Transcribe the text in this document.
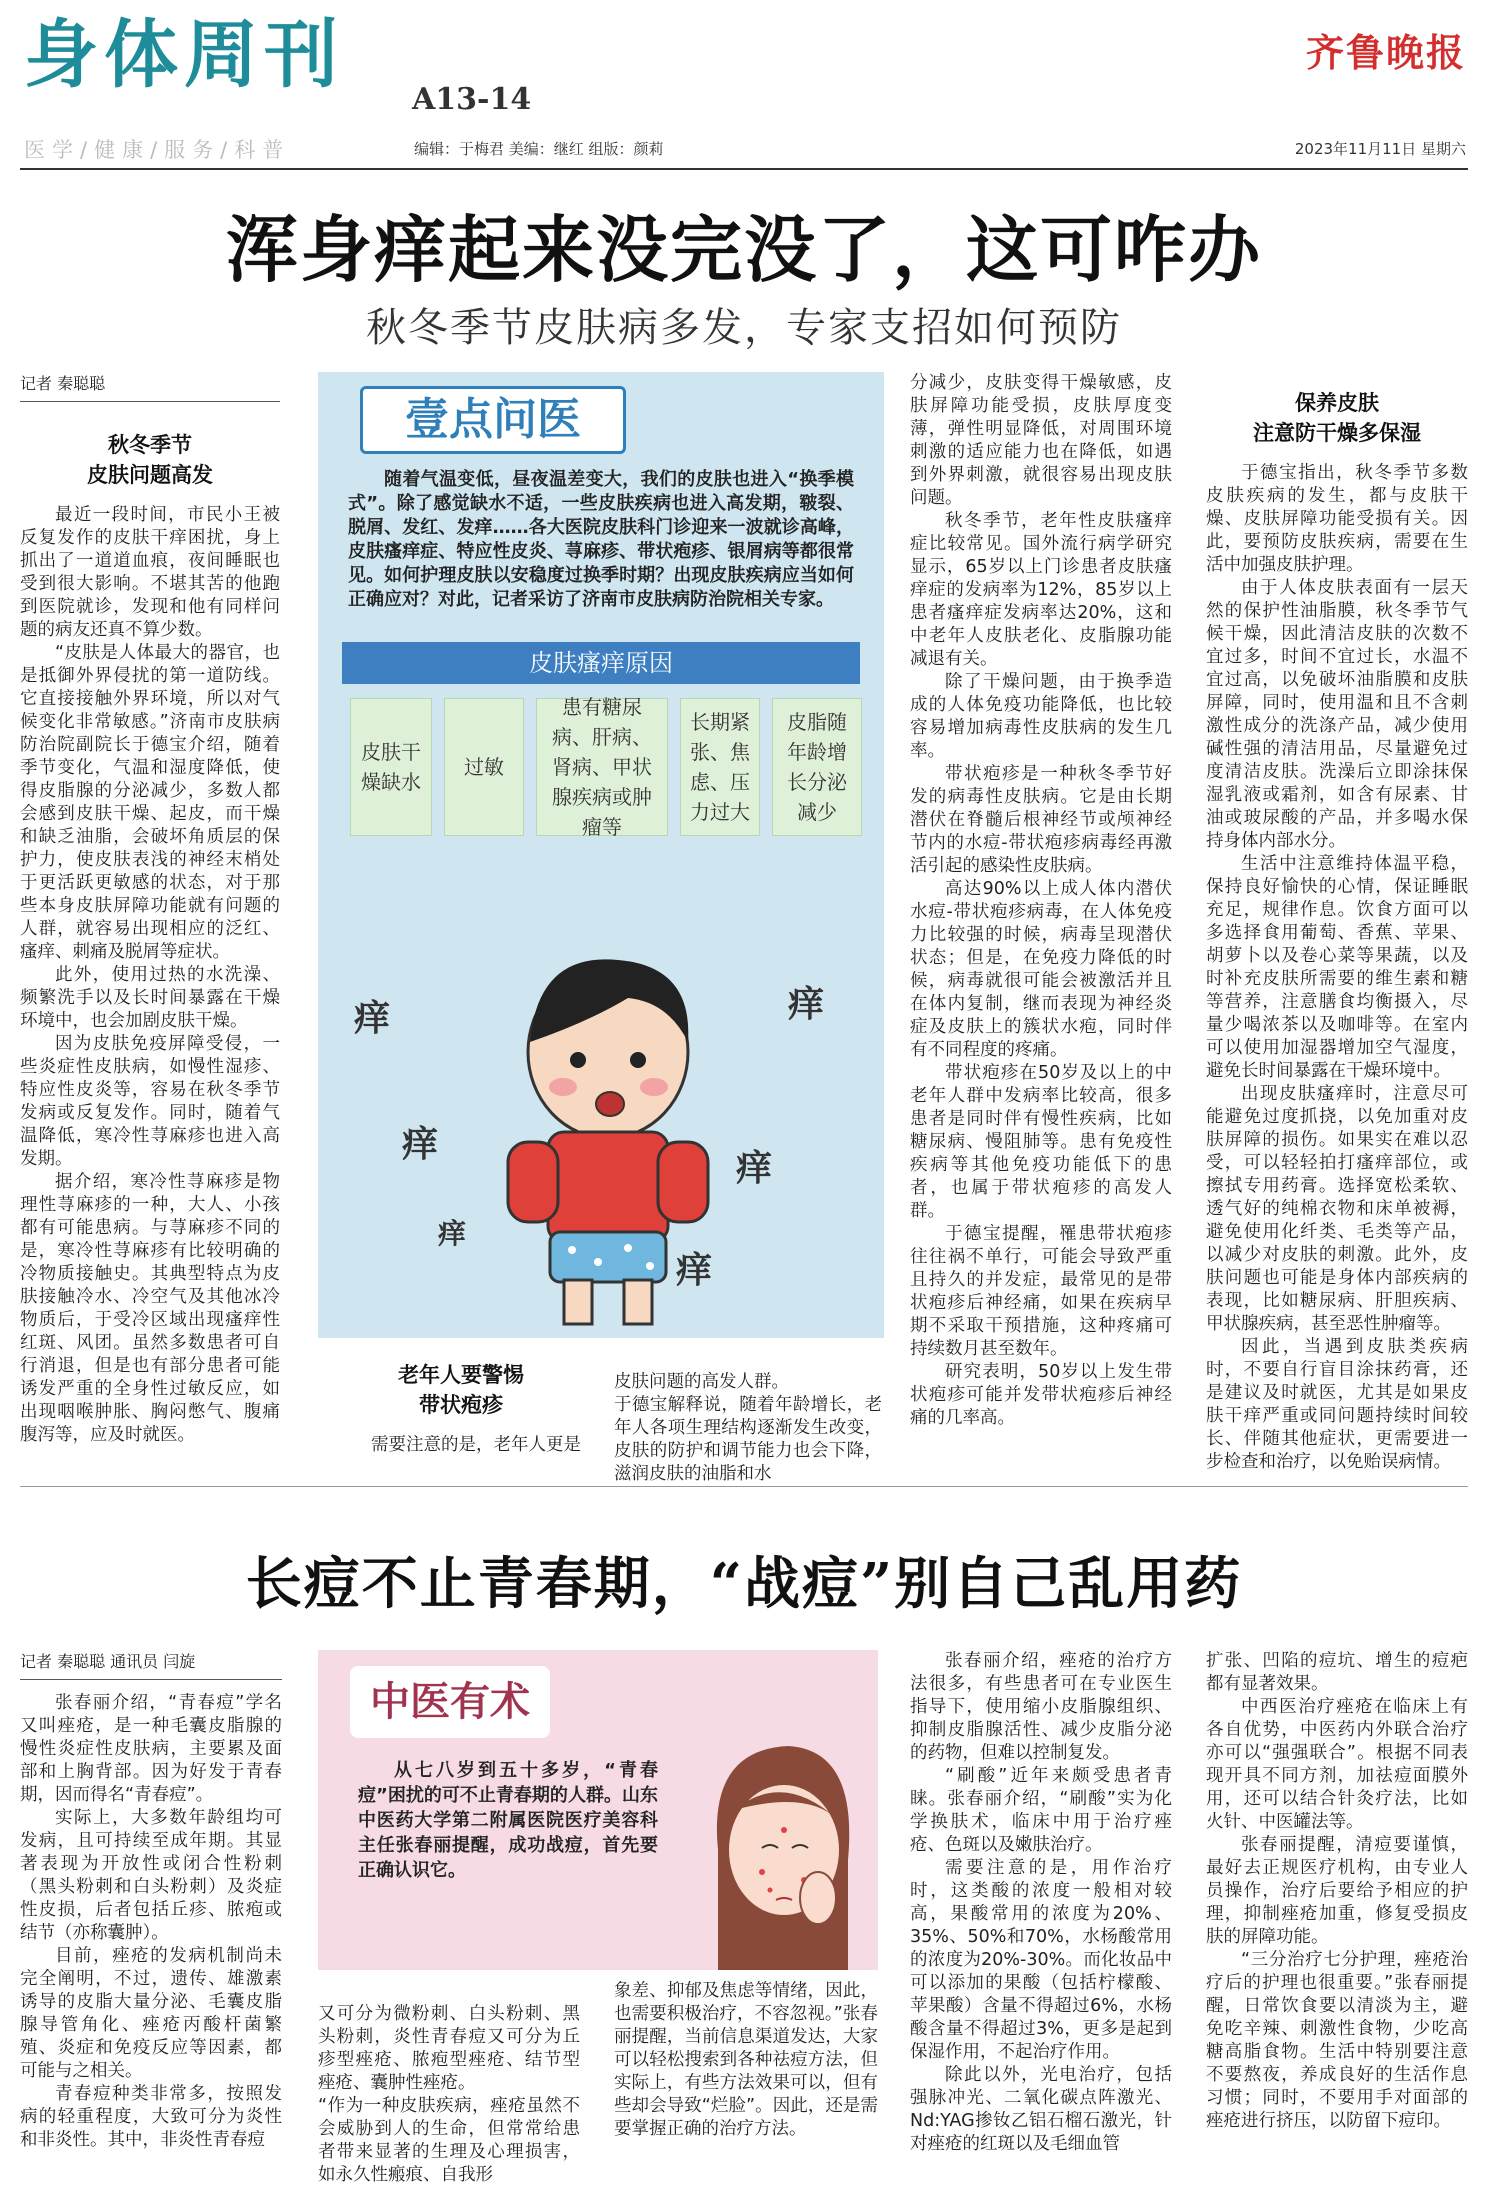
身体周刊
A13-14
医学/健康/服务/科普	编辑：于梅君 美编：继红 组版：颜莉
齐鲁晚报
2023年11月11日 星期六
浑身痒起来没完没了，这可咋办
秋冬季节皮肤病多发，专家支招如何预防
记者 秦聪聪
秋冬季节
皮肤问题高发

最近一段时间，市民小王被反复发作的皮肤干痒困扰，身上抓出了一道道血痕，夜间睡眠也受到很大影响。不堪其苦的他跑到医院就诊，发现和他有同样问题的病友还真不算少数。

“皮肤是人体最大的器官，也是抵御外界侵扰的第一道防线。它直接接触外界环境，所以对气候变化非常敏感。”济南市皮肤病防治院副院长于德宝介绍，随着季节变化，气温和湿度降低，使得皮脂腺的分泌减少，多数人都会感到皮肤干燥、起皮，而干燥和缺乏油脂，会破坏角质层的保护力，使皮肤表浅的神经末梢处于更活跃更敏感的状态，对于那些本身皮肤屏障功能就有问题的人群，就容易出现相应的泛红、瘙痒、刺痛及脱屑等症状。

此外，使用过热的水洗澡、频繁洗手以及长时间暴露在干燥环境中，也会加剧皮肤干燥。

因为皮肤免疫屏障受侵，一些炎症性皮肤病，如慢性湿疹、特应性皮炎等，容易在秋冬季节发病或反复发作。同时，随着气温降低，寒冷性荨麻疹也进入高发期。

据介绍，寒冷性荨麻疹是物理性荨麻疹的一种，大人、小孩都有可能患病。与荨麻疹不同的是，寒冷性荨麻疹有比较明确的冷物质接触史。其典型特点为皮肤接触冷水、冷空气及其他冰冷物质后，于受冷区域出现瘙痒性红斑、风团。虽然多数患者可自行消退，但是也有部分患者可能诱发严重的全身性过敏反应，如出现咽喉肿胀、胸闷憋气、腹痛腹泻等，应及时就医。

壹点问医
随着气温变低，昼夜温差变大，我们的皮肤也进入“换季模式”。除了感觉缺水不适，一些皮肤疾病也进入高发期，皲裂、脱屑、发红、发痒……各大医院皮肤科门诊迎来一波就诊高峰，皮肤瘙痒症、特应性皮炎、荨麻疹、带状疱疹、银屑病等都很常见。如何护理皮肤以安稳度过换季时期？出现皮肤疾病应当如何正确应对？对此，记者采访了济南市皮肤病防治院相关专家。
皮肤瘙痒原因
皮肤干燥缺水
过敏
患有糖尿病、肝病、肾病、甲状腺疾病或肿瘤等
长期紧张、焦虑、压力过大
皮脂随年龄增长分泌减少
痒	痒
痒
痒
痒
痒
老年人要警惕
带状疱疹

需要注意的是，老年人更是

皮肤问题的高发人群。
于德宝解释说，随着年龄增长，老年人各项生理结构逐渐发生改变，皮肤的防护和调节能力也会下降，滋润皮肤的油脂和水

分减少，皮肤变得干燥敏感，皮肤屏障功能受损，皮肤厚度变薄，弹性明显降低，对周围环境刺激的适应能力也在降低，如遇到外界刺激，就很容易出现皮肤问题。

秋冬季节，老年性皮肤瘙痒症比较常见。国外流行病学研究显示，65岁以上门诊患者皮肤瘙痒症的发病率为12%，85岁以上患者瘙痒症发病率达20%，这和中老年人皮肤老化、皮脂腺功能减退有关。

除了干燥问题，由于换季造成的人体免疫功能降低，也比较容易增加病毒性皮肤病的发生几率。

带状疱疹是一种秋冬季节好发的病毒性皮肤病。它是由长期潜伏在脊髓后根神经节或颅神经节内的水痘-带状疱疹病毒经再激活引起的感染性皮肤病。

高达90%以上成人体内潜伏水痘-带状疱疹病毒，在人体免疫力比较强的时候，病毒呈现潜伏状态；但是，在免疫力降低的时候，病毒就很可能会被激活并且在体内复制，继而表现为神经炎症及皮肤上的簇状水疱，同时伴有不同程度的疼痛。

带状疱疹在50岁及以上的中老年人群中发病率比较高，很多患者是同时伴有慢性疾病，比如糖尿病、慢阻肺等。患有免疫性疾病等其他免疫功能低下的患者，也属于带状疱疹的高发人群。

于德宝提醒，罹患带状疱疹往往祸不单行，可能会导致严重且持久的并发症，最常见的是带状疱疹后神经痛，如果在疾病早期不采取干预措施，这种疼痛可持续数月甚至数年。

研究表明，50岁以上发生带状疱疹可能并发带状疱疹后神经痛的几率高。

保养皮肤
注意防干燥多保湿

于德宝指出，秋冬季节多数皮肤疾病的发生，都与皮肤干燥、皮肤屏障功能受损有关。因此，要预防皮肤疾病，需要在生活中加强皮肤护理。

由于人体皮肤表面有一层天然的保护性油脂膜，秋冬季节气候干燥，因此清洁皮肤的次数不宜过多，时间不宜过长，水温不宜过高，以免破坏油脂膜和皮肤屏障，同时，使用温和且不含刺激性成分的洗涤产品，减少使用碱性强的清洁用品，尽量避免过度清洁皮肤。洗澡后立即涂抹保湿乳液或霜剂，如含有尿素、甘油或玻尿酸的产品，并多喝水保持身体内部水分。

生活中注意维持体温平稳，保持良好愉快的心情，保证睡眠充足，规律作息。饮食方面可以多选择食用葡萄、香蕉、苹果、胡萝卜以及卷心菜等果蔬，以及时补充皮肤所需要的维生素和糖等营养，注意膳食均衡摄入，尽量少喝浓茶以及咖啡等。在室内可以使用加湿器增加空气湿度，避免长时间暴露在干燥环境中。

出现皮肤瘙痒时，注意尽可能避免过度抓挠，以免加重对皮肤屏障的损伤。如果实在难以忍受，可以轻轻拍打瘙痒部位，或擦拭专用药膏。选择宽松柔软、透气好的纯棉衣物和床单被褥，避免使用化纤类、毛类等产品，以减少对皮肤的刺激。此外，皮肤问题也可能是身体内部疾病的表现，比如糖尿病、肝胆疾病、甲状腺疾病，甚至恶性肿瘤等。

因此，当遇到皮肤类疾病时，不要自行盲目涂抹药膏，还是建议及时就医，尤其是如果皮肤干痒严重或同问题持续时间较长、伴随其他症状，更需要进一步检查和治疗，以免贻误病情。

长痘不止青春期，“战痘”别自己乱用药
记者 秦聪聪 通讯员 闫旋

张春丽介绍，“青春痘”学名又叫痤疮，是一种毛囊皮脂腺的慢性炎症性皮肤病，主要累及面部和上胸背部。因为好发于青春期，因而得名“青春痘”。

实际上，大多数年龄组均可发病，且可持续至成年期。其显著表现为开放性或闭合性粉刺（黑头粉刺和白头粉刺）及炎症性皮损，后者包括丘疹、脓疱或结节（亦称囊肿）。

目前，痤疮的发病机制尚未完全阐明，不过，遗传、雄激素诱导的皮脂大量分泌、毛囊皮脂腺导管角化、痤疮丙酸杆菌繁殖、炎症和免疫反应等因素，都可能与之相关。

青春痘种类非常多，按照发病的轻重程度，大致可分为炎性和非炎性。其中，非炎性青春痘

中医有术
从七八岁到五十多岁，“青春痘”困扰的可不止青春期的人群。山东中医药大学第二附属医院医疗美容科主任张春丽提醒，成功战痘，首先要正确认识它。

又可分为微粉刺、白头粉刺、黑头粉刺，炎性青春痘又可分为丘疹型痤疮、脓疱型痤疮、结节型痤疮、囊肿性痤疮。
“作为一种皮肤疾病，痤疮虽然不会威胁到人的生命，但常常给患者带来显著的生理及心理损害，如永久性瘢痕、自我形

象差、抑郁及焦虑等情绪，因此，也需要积极治疗，不容忽视。”张春丽提醒，当前信息渠道发达，大家可以轻松搜索到各种祛痘方法，但实际上，有些方法效果可以，但有些却会导致“烂脸”。因此，还是需要掌握正确的治疗方法。

张春丽介绍，痤疮的治疗方法很多，有些患者可在专业医生指导下，使用缩小皮脂腺组织、抑制皮脂腺活性、减少皮脂分泌的药物，但难以控制复发。

“刷酸”近年来颇受患者青睐。张春丽介绍，“刷酸”实为化学换肤术，临床中用于治疗痤疮、色斑以及嫩肤治疗。

需要注意的是，用作治疗时，这类酸的浓度一般相对较高，果酸常用的浓度为20%、35%、50%和70%，水杨酸常用的浓度为20%-30%。而化妆品中可以添加的果酸（包括柠檬酸、苹果酸）含量不得超过6%，水杨酸含量不得超过3%，更多是起到保湿作用，不起治疗作用。

除此以外，光电治疗，包括强脉冲光、二氧化碳点阵激光、Nd:YAG掺钕乙铝石榴石激光，针对痤疮的红斑以及毛细血管

扩张、凹陷的痘坑、增生的痘疤都有显著效果。

中西医治疗痤疮在临床上有各自优势，中医药内外联合治疗亦可以“强强联合”。根据不同表现开具不同方剂，加祛痘面膜外用，还可以结合针灸疗法，比如火针、中医罐法等。

张春丽提醒，清痘要谨慎，最好去正规医疗机构，由专业人员操作，治疗后要给予相应的护理，抑制痤疮加重，修复受损皮肤的屏障功能。

“三分治疗七分护理，痤疮治疗后的护理也很重要。”张春丽提醒，日常饮食要以清淡为主，避免吃辛辣、刺激性食物，少吃高糖高脂食物。生活中特别要注意不要熬夜，养成良好的生活作息习惯；同时，不要用手对面部的痤疮进行挤压，以防留下痘印。
